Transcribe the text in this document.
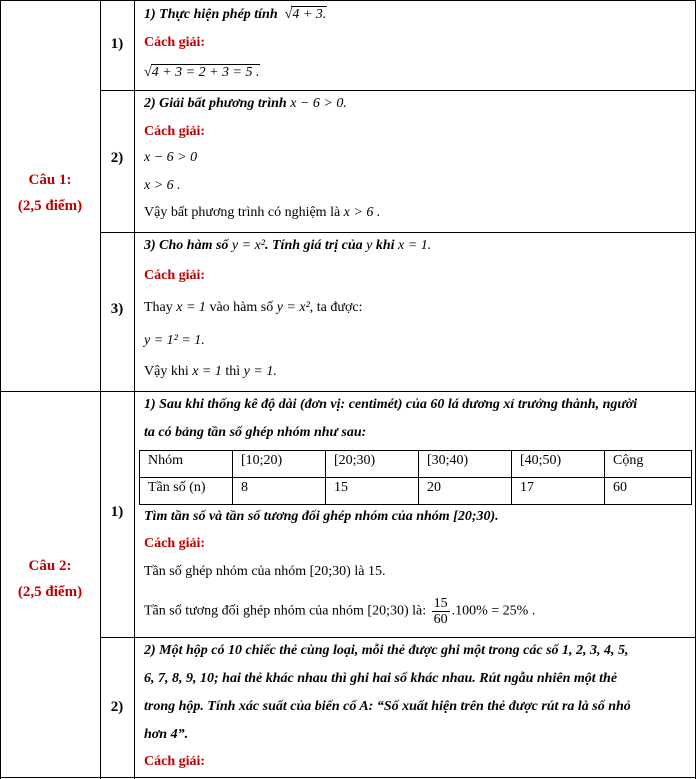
Câu 1:
(2,5 điểm)
1)
1) Thực hiện phép tính  √4 + 3.
Cách giải:
√4 + 3 = 2 + 3 = 5 .
2)
2) Giải bất phương trình x − 6 > 0.
Cách giải:
x − 6 > 0
x > 6 .
Vậy bất phương trình có nghiệm là x > 6 .
3)
3) Cho hàm số y = x². Tính giá trị của y khi x = 1.
Cách giải:
Thay x = 1 vào hàm số y = x², ta được:
y = 1² = 1.
Vậy khi x = 1 thì y = 1.
Câu 2:
(2,5 điểm)
1)
1) Sau khi thống kê độ dài (đơn vị: centimét) của 60 lá dương xỉ trưởng thành, người
ta có bảng tần số ghép nhóm như sau:
Nhóm	[10;20)	[20;30)	[30;40)	[40;50)	Cộng
Tần số (n)	8	15	20	17	60
Tìm tần số và tần số tương đối ghép nhóm của nhóm [20;30).
Cách giải:
Tần số ghép nhóm của nhóm [20;30) là 15.
Tần số tương đối ghép nhóm của nhóm [20;30) là: $\frac{15}{60} .100\% = 25\%$ .
2)
2) Một hộp có 10 chiếc thẻ cùng loại, mỗi thẻ được ghi một trong các số 1, 2, 3, 4, 5,
6, 7, 8, 9, 10; hai thẻ khác nhau thì ghi hai số khác nhau. Rút ngẫu nhiên một thẻ
trong hộp. Tính xác suất của biến cố A: “Số xuất hiện trên thẻ được rút ra là số nhỏ
hơn 4”.
Cách giải:
